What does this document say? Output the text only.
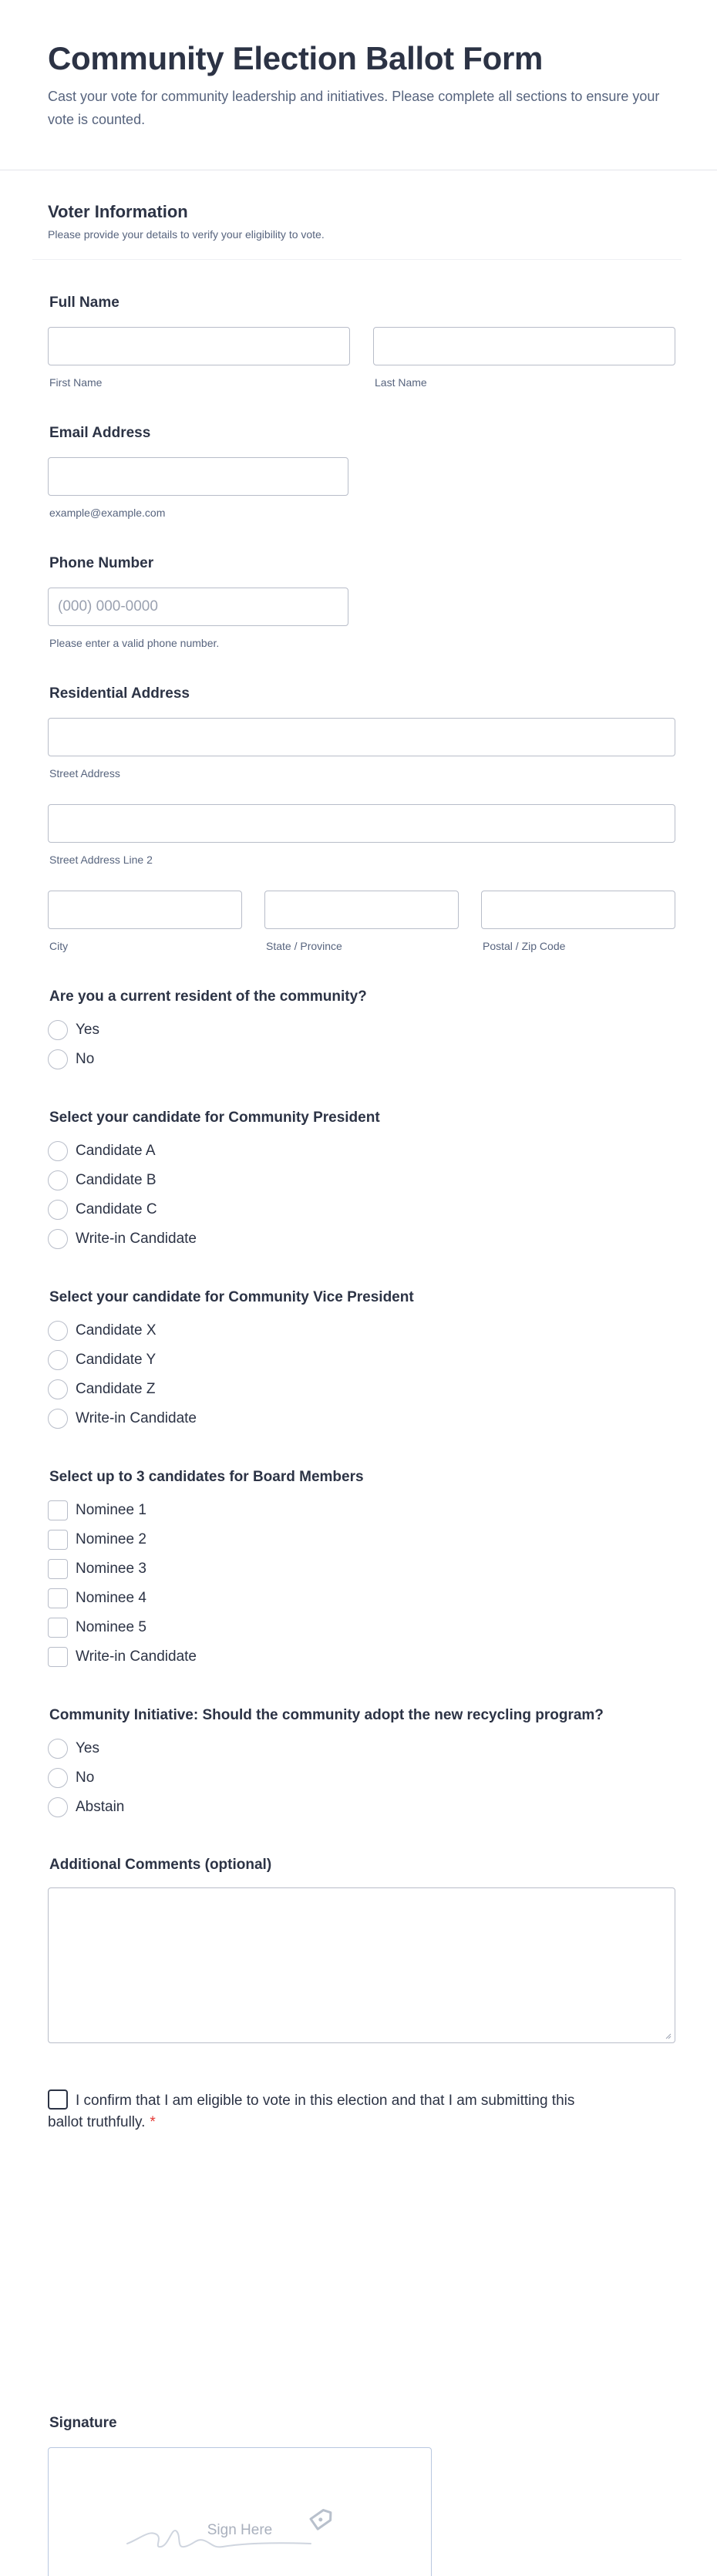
Community Election Ballot Form

Cast your vote for community leadership and initiatives. Please complete all sections to ensure your vote is counted.

Voter Information
Please provide your details to verify your eligibility to vote.
Full Name
First Name	Last Name
Email Address
example@example.com
Phone Number
(000) 000-0000
Please enter a valid phone number.
Residential Address
Street Address
Street Address Line 2
City	State / Province	Postal / Zip Code
Are you a current resident of the community?
Yes
No
Select your candidate for Community President
Candidate A
Candidate B
Candidate C
Write-in Candidate
Select your candidate for Community Vice President
Candidate X
Candidate Y
Candidate Z
Write-in Candidate
Select up to 3 candidates for Board Members
Nominee 1
Nominee 2
Nominee 3
Nominee 4
Nominee 5
Write-in Candidate
Community Initiative: Should the community adopt the new recycling program?
Yes
No
Abstain
Additional Comments (optional)
I confirm that I am eligible to vote in this election and that I am submitting this ballot truthfully. *
Signature
Sign Here
